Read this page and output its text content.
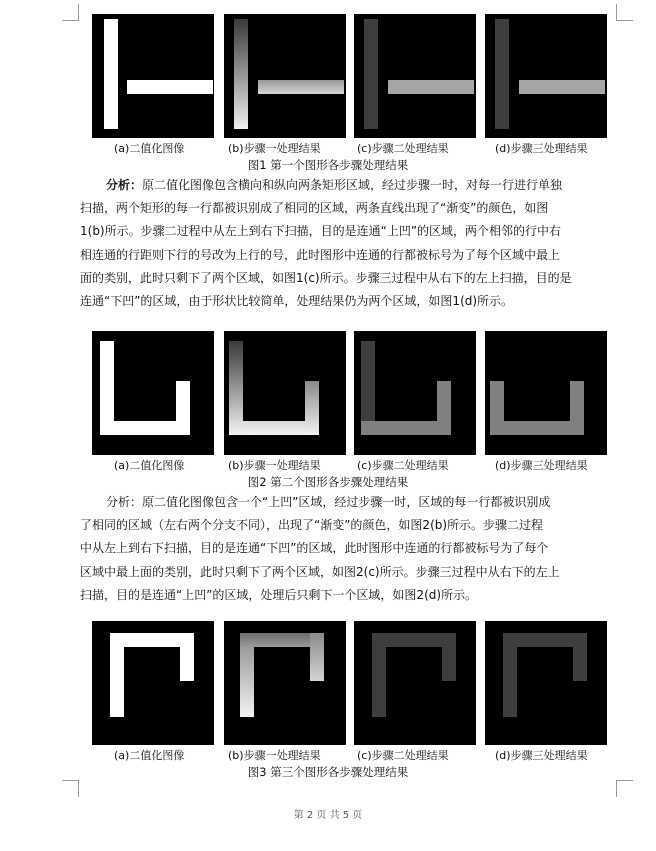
(a)二值化图像	(b)步骤一处理结果	(c)步骤二处理结果	(d)步骤三处理结果
图1 第一个图形各步骤处理结果
分析：原二值化图像包含横向和纵向两条矩形区域，经过步骤一时，对每一行进行单独
扫描，两个矩形的每一行都被识别成了相同的区域，两条直线出现了“渐变”的颜色，如图
1(b)所示。步骤二过程中从左上到右下扫描，目的是连通“上凹”的区域，两个相邻的行中右
相连通的行距则下行的号改为上行的号，此时图形中连通的行都被标号为了每个区域中最上
面的类别，此时只剩下了两个区域，如图1(c)所示。步骤三过程中从右下的左上扫描，目的是
连通“下凹”的区域，由于形状比较简单，处理结果仍为两个区域，如图1(d)所示。
(a)二值化图像	(b)步骤一处理结果	(c)步骤二处理结果	(d)步骤三处理结果
图2 第二个图形各步骤处理结果
分析：原二值化图像包含一个“上凹”区域，经过步骤一时，区域的每一行都被识别成
了相同的区域（左右两个分支不同），出现了“渐变”的颜色，如图2(b)所示。步骤二过程
中从左上到右下扫描，目的是连通“下凹”的区域，此时图形中连通的行都被标号为了每个
区域中最上面的类别，此时只剩下了两个区域，如图2(c)所示。步骤三过程中从右下的左上
扫描，目的是连通“上凹”的区域，处理后只剩下一个区域，如图2(d)所示。
(a)二值化图像	(b)步骤一处理结果	(c)步骤二处理结果	(d)步骤三处理结果
图3 第三个图形各步骤处理结果
第 2 页 共 5 页
